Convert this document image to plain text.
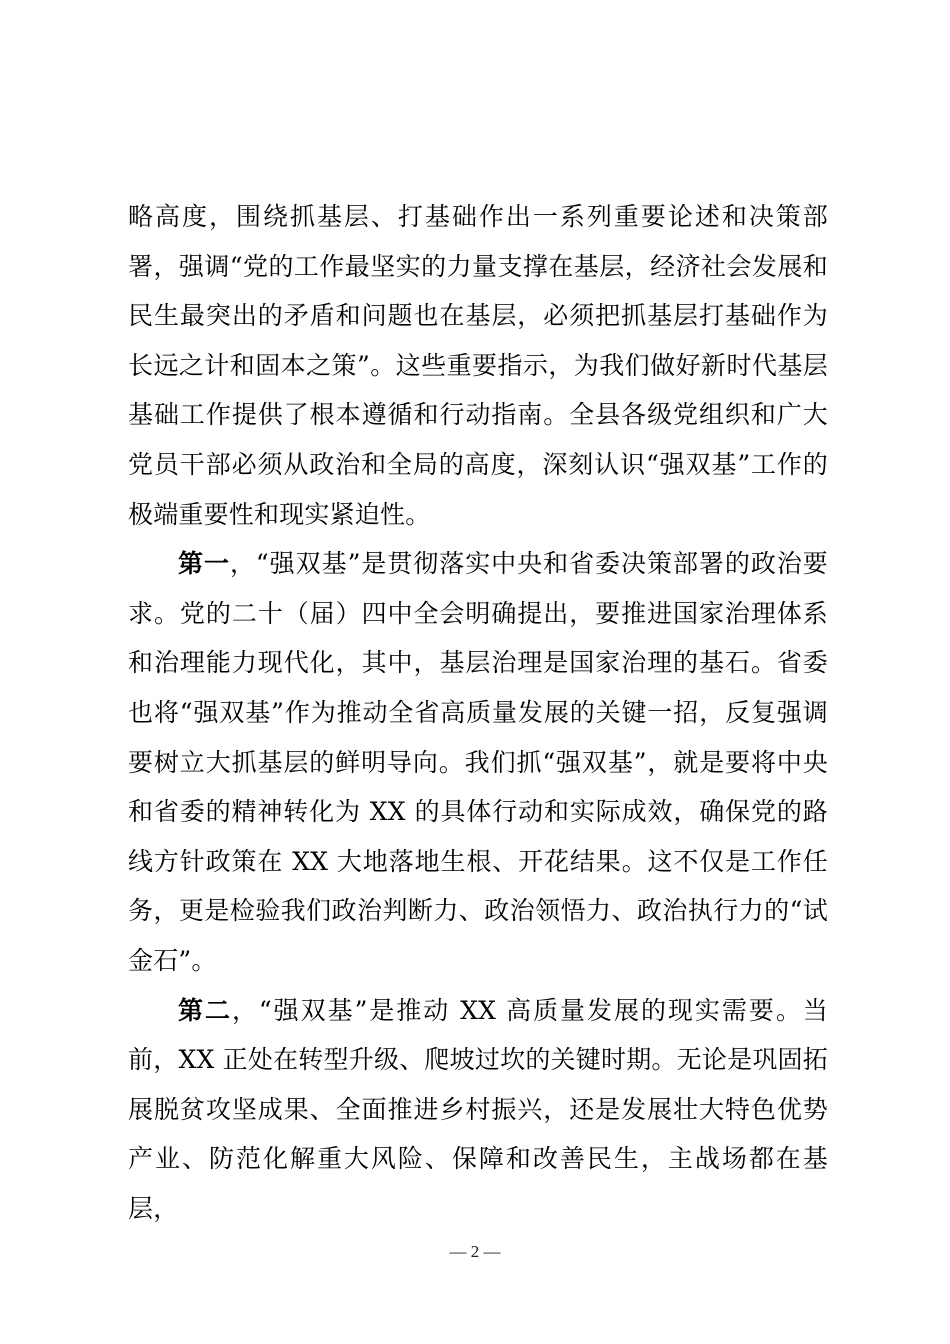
略高度，围绕抓基层、打基础作出一系列重要论述和决策部署，强调“党的工作最坚实的力量支撑在基层，经济社会发展和民生最突出的矛盾和问题也在基层，必须把抓基层打基础作为长远之计和固本之策”。这些重要指示，为我们做好新时代基层基础工作提供了根本遵循和行动指南。全县各级党组织和广大党员干部必须从政治和全局的高度，深刻认识“强双基”工作的极端重要性和现实紧迫性。

第一，“强双基”是贯彻落实中央和省委决策部署的政治要求。党的二十（届）四中全会明确提出，要推进国家治理体系和治理能力现代化，其中，基层治理是国家治理的基石。省委也将“强双基”作为推动全省高质量发展的关键一招，反复强调要树立大抓基层的鲜明导向。我们抓“强双基”，就是要将中央和省委的精神转化为 XX 的具体行动和实际成效，确保党的路线方针政策在 XX 大地落地生根、开花结果。这不仅是工作任务，更是检验我们政治判断力、政治领悟力、政治执行力的“试金石”。

第二，“强双基”是推动 XX 高质量发展的现实需要。当前，XX 正处在转型升级、爬坡过坎的关键时期。无论是巩固拓展脱贫攻坚成果、全面推进乡村振兴，还是发展壮大特色优势产业、防范化解重大风险、保障和改善民生，主战场都在基层，

— 2 —
